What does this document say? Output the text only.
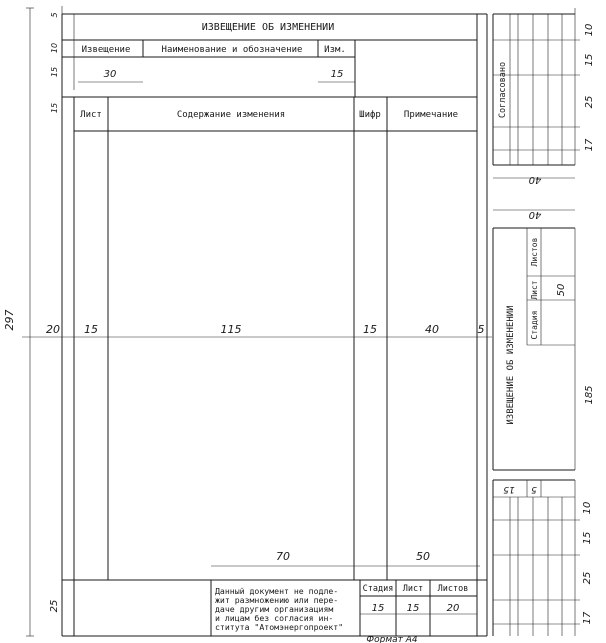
ИЗВЕЩЕНИЕ ОБ ИЗМЕНЕНИИ
Извещение	Наименование и обозначение Изм.
30	15
5
10
15
15
Лист	Содержание изменения	Шифр	Примечание
20 15	115	15	40	5
297
70	50
25
Данный документ не подле-
жит размножению или пере-
даче другим организациям
и лицам без согласия ин-
ститута "Атомэнергопроект"
Стадия Лист Листов
15 15	20
Формат А4
Согласовано
10
15
25
17
40
40
ИЗВЕЩЕНИЕ ОБ ИЗМЕНЕНИИ Стадия
Лист
Листов
50
185
15 5
10
15
25
17
